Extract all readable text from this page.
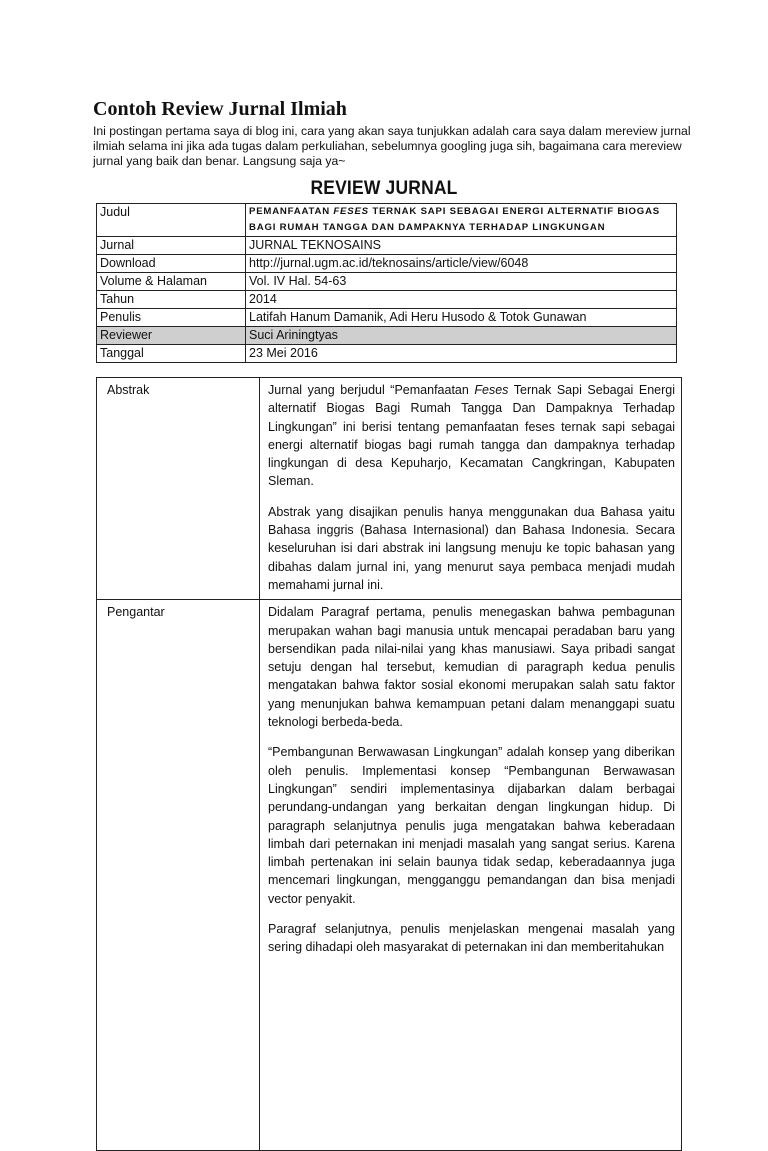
Contoh Review Jurnal Ilmiah

Ini postingan pertama saya di blog ini, cara yang akan saya tunjukkan adalah cara saya dalam mereview jurnal ilmiah selama ini jika ada tugas dalam perkuliahan, sebelumnya googling juga sih, bagaimana cara mereview jurnal yang baik dan benar. Langsung saja ya~

REVIEW JURNAL
Judul	PEMANFAATAN FESES TERNAK SAPI SEBAGAI ENERGI ALTERNATIF BIOGAS BAGI RUMAH TANGGA DAN DAMPAKNYA TERHADAP LINGKUNGAN
Jurnal	JURNAL TEKNOSAINS
Download	http://jurnal.ugm.ac.id/teknosains/article/view/6048
Volume & Halaman	Vol. IV Hal. 54-63
Tahun	2014
Penulis	Latifah Hanum Damanik, Adi Heru Husodo & Totok Gunawan
Reviewer	Suci Ariningtyas
Tanggal	23 Mei 2016
Abstrak	Jurnal yang berjudul “Pemanfaatan Feses Ternak Sapi Sebagai Energi alternatif Biogas Bagi Rumah Tangga Dan Dampaknya Terhadap Lingkungan” ini berisi tentang pemanfaatan feses ternak sapi sebagai energi alternatif biogas bagi rumah tangga dan dampaknya terhadap lingkungan di desa Kepuharjo, Kecamatan Cangkringan, Kabupaten Sleman.

Abstrak yang disajikan penulis hanya menggunakan dua Bahasa yaitu Bahasa inggris (Bahasa Internasional) dan Bahasa Indonesia. Secara keseluruhan isi dari abstrak ini langsung menuju ke topic bahasan yang dibahas dalam jurnal ini, yang menurut saya pembaca menjadi mudah memahami jurnal ini.

Pengantar	Didalam Paragraf pertama, penulis menegaskan bahwa pembagunan merupakan wahan bagi manusia untuk mencapai peradaban baru yang bersendikan pada nilai-nilai yang khas manusiawi. Saya pribadi sangat setuju dengan hal tersebut, kemudian di paragraph kedua penulis mengatakan bahwa faktor sosial ekonomi merupakan salah satu faktor yang menunjukan bahwa kemampuan petani dalam menanggapi suatu teknologi berbeda-beda.

“Pembangunan Berwawasan Lingkungan” adalah konsep yang diberikan oleh penulis. Implementasi konsep “Pembangunan Berwawasan Lingkungan” sendiri implementasinya dijabarkan dalam berbagai perundang-undangan yang berkaitan dengan lingkungan hidup. Di paragraph selanjutnya penulis juga mengatakan bahwa keberadaan limbah dari peternakan ini menjadi masalah yang sangat serius. Karena limbah pertenakan ini selain baunya tidak sedap, keberadaannya juga mencemari lingkungan, mengganggu pemandangan dan bisa menjadi vector penyakit.

Paragraf selanjutnya, penulis menjelaskan mengenai masalah yang sering dihadapi oleh masyarakat di peternakan ini dan memberitahukan
